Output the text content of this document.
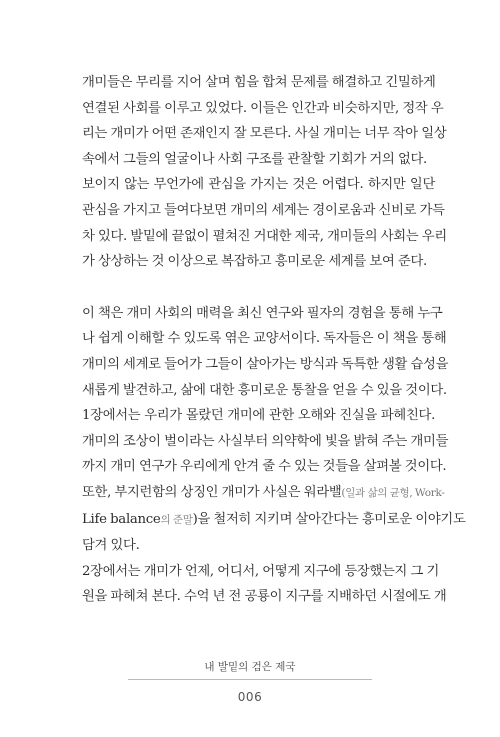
개미들은 무리를 지어 살며 힘을 합쳐 문제를 해결하고 긴밀하게
연결된 사회를 이루고 있었다. 이들은 인간과 비슷하지만, 정작 우
리는 개미가 어떤 존재인지 잘 모른다. 사실 개미는 너무 작아 일상
속에서 그들의 얼굴이나 사회 구조를 관찰할 기회가 거의 없다.

보이지 않는 무언가에 관심을 가지는 것은 어렵다. 하지만 일단
관심을 가지고 들여다보면 개미의 세계는 경이로움과 신비로 가득
차 있다. 발밑에 끝없이 펼쳐진 거대한 제국, 개미들의 사회는 우리
가 상상하는 것 이상으로 복잡하고 흥미로운 세계를 보여 준다.

이 책은 개미 사회의 매력을 최신 연구와 필자의 경험을 통해 누구
나 쉽게 이해할 수 있도록 엮은 교양서이다. 독자들은 이 책을 통해
개미의 세계로 들어가 그들이 살아가는 방식과 독특한 생활 습성을
새롭게 발견하고, 삶에 대한 흥미로운 통찰을 얻을 수 있을 것이다.

1장에서는 우리가 몰랐던 개미에 관한 오해와 진실을 파헤친다.
개미의 조상이 벌이라는 사실부터 의약학에 빛을 밝혀 주는 개미들
까지 개미 연구가 우리에게 안겨 줄 수 있는 것들을 살펴볼 것이다.
또한, 부지런함의 상징인 개미가 사실은 워라밸(일과 삶의 균형, Work-
Life balance의 준말)을 철저히 지키며 살아간다는 흥미로운 이야기도
담겨 있다.

2장에서는 개미가 언제, 어디서, 어떻게 지구에 등장했는지 그 기
원을 파헤쳐 본다. 수억 년 전 공룡이 지구를 지배하던 시절에도 개

내 발밑의 검은 제국
006
